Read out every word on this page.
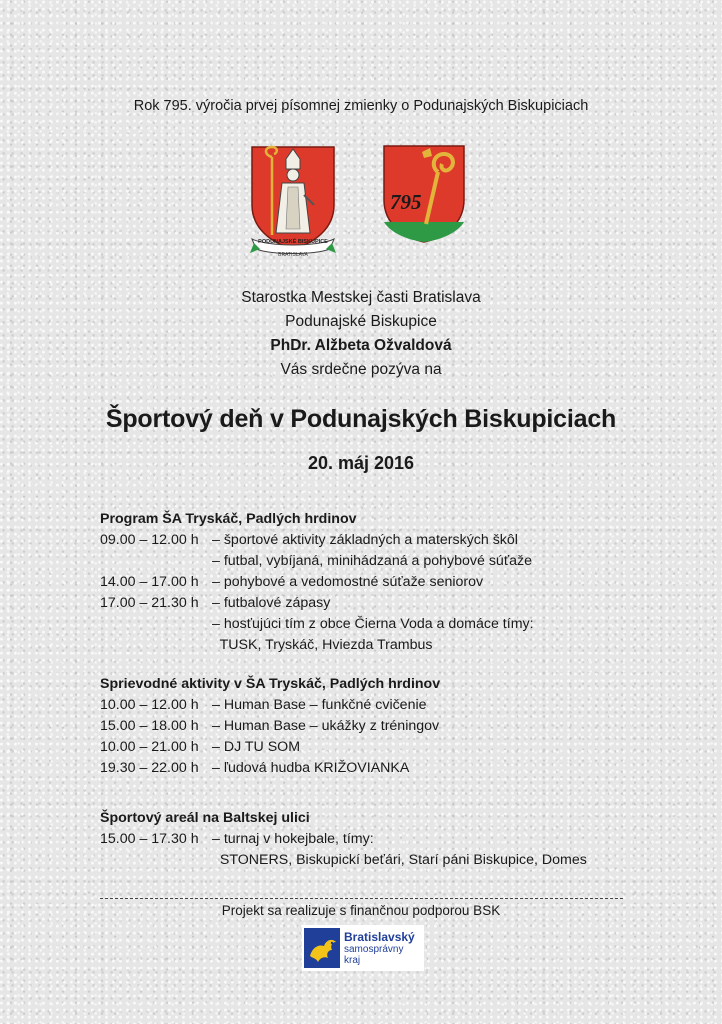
Rok 795. výročia prvej písomnej zmienky o Podunajských Biskupiciach
PODUNAJSKÉ BISKUPICE
BRATISLAVA
795
Starostka Mestskej časti Bratislava
Podunajské Biskupice
PhDr. Alžbeta Ožvaldová
Vás srdečne pozýva na
Športový deň v Podunajských Biskupiciach
20. máj 2016
Program ŠA Tryskáč, Padlých hrdinov
09.00 – 12.00 h – športové aktivity základných a materských škôl
– futbal, vybíjaná, minihádzaná a pohybové súťaže
14.00 – 17.00 h – pohybové a vedomostné súťaže seniorov
17.00 – 21.30 h – futbalové zápasy
– hosťujúci tím z obce Čierna Voda a domáce tímy:
TUSK, Tryskáč, Hviezda Trambus
Sprievodné aktivity v ŠA Tryskáč, Padlých hrdinov
10.00 – 12.00 h – Human Base – funkčné cvičenie
15.00 – 18.00 h – Human Base – ukážky z tréningov
10.00 – 21.00 h – DJ TU SOM
19.30 – 22.00 h – ľudová hudba KRIŽOVIANKA
Športový areál na Baltskej ulici
15.00 – 17.30 h – turnaj v hokejbale, tímy:
STONERS, Biskupickí beťári, Starí páni Biskupice, Domes
Projekt sa realizuje s finančnou podporou BSK
Bratislavský
samosprávny
kraj
